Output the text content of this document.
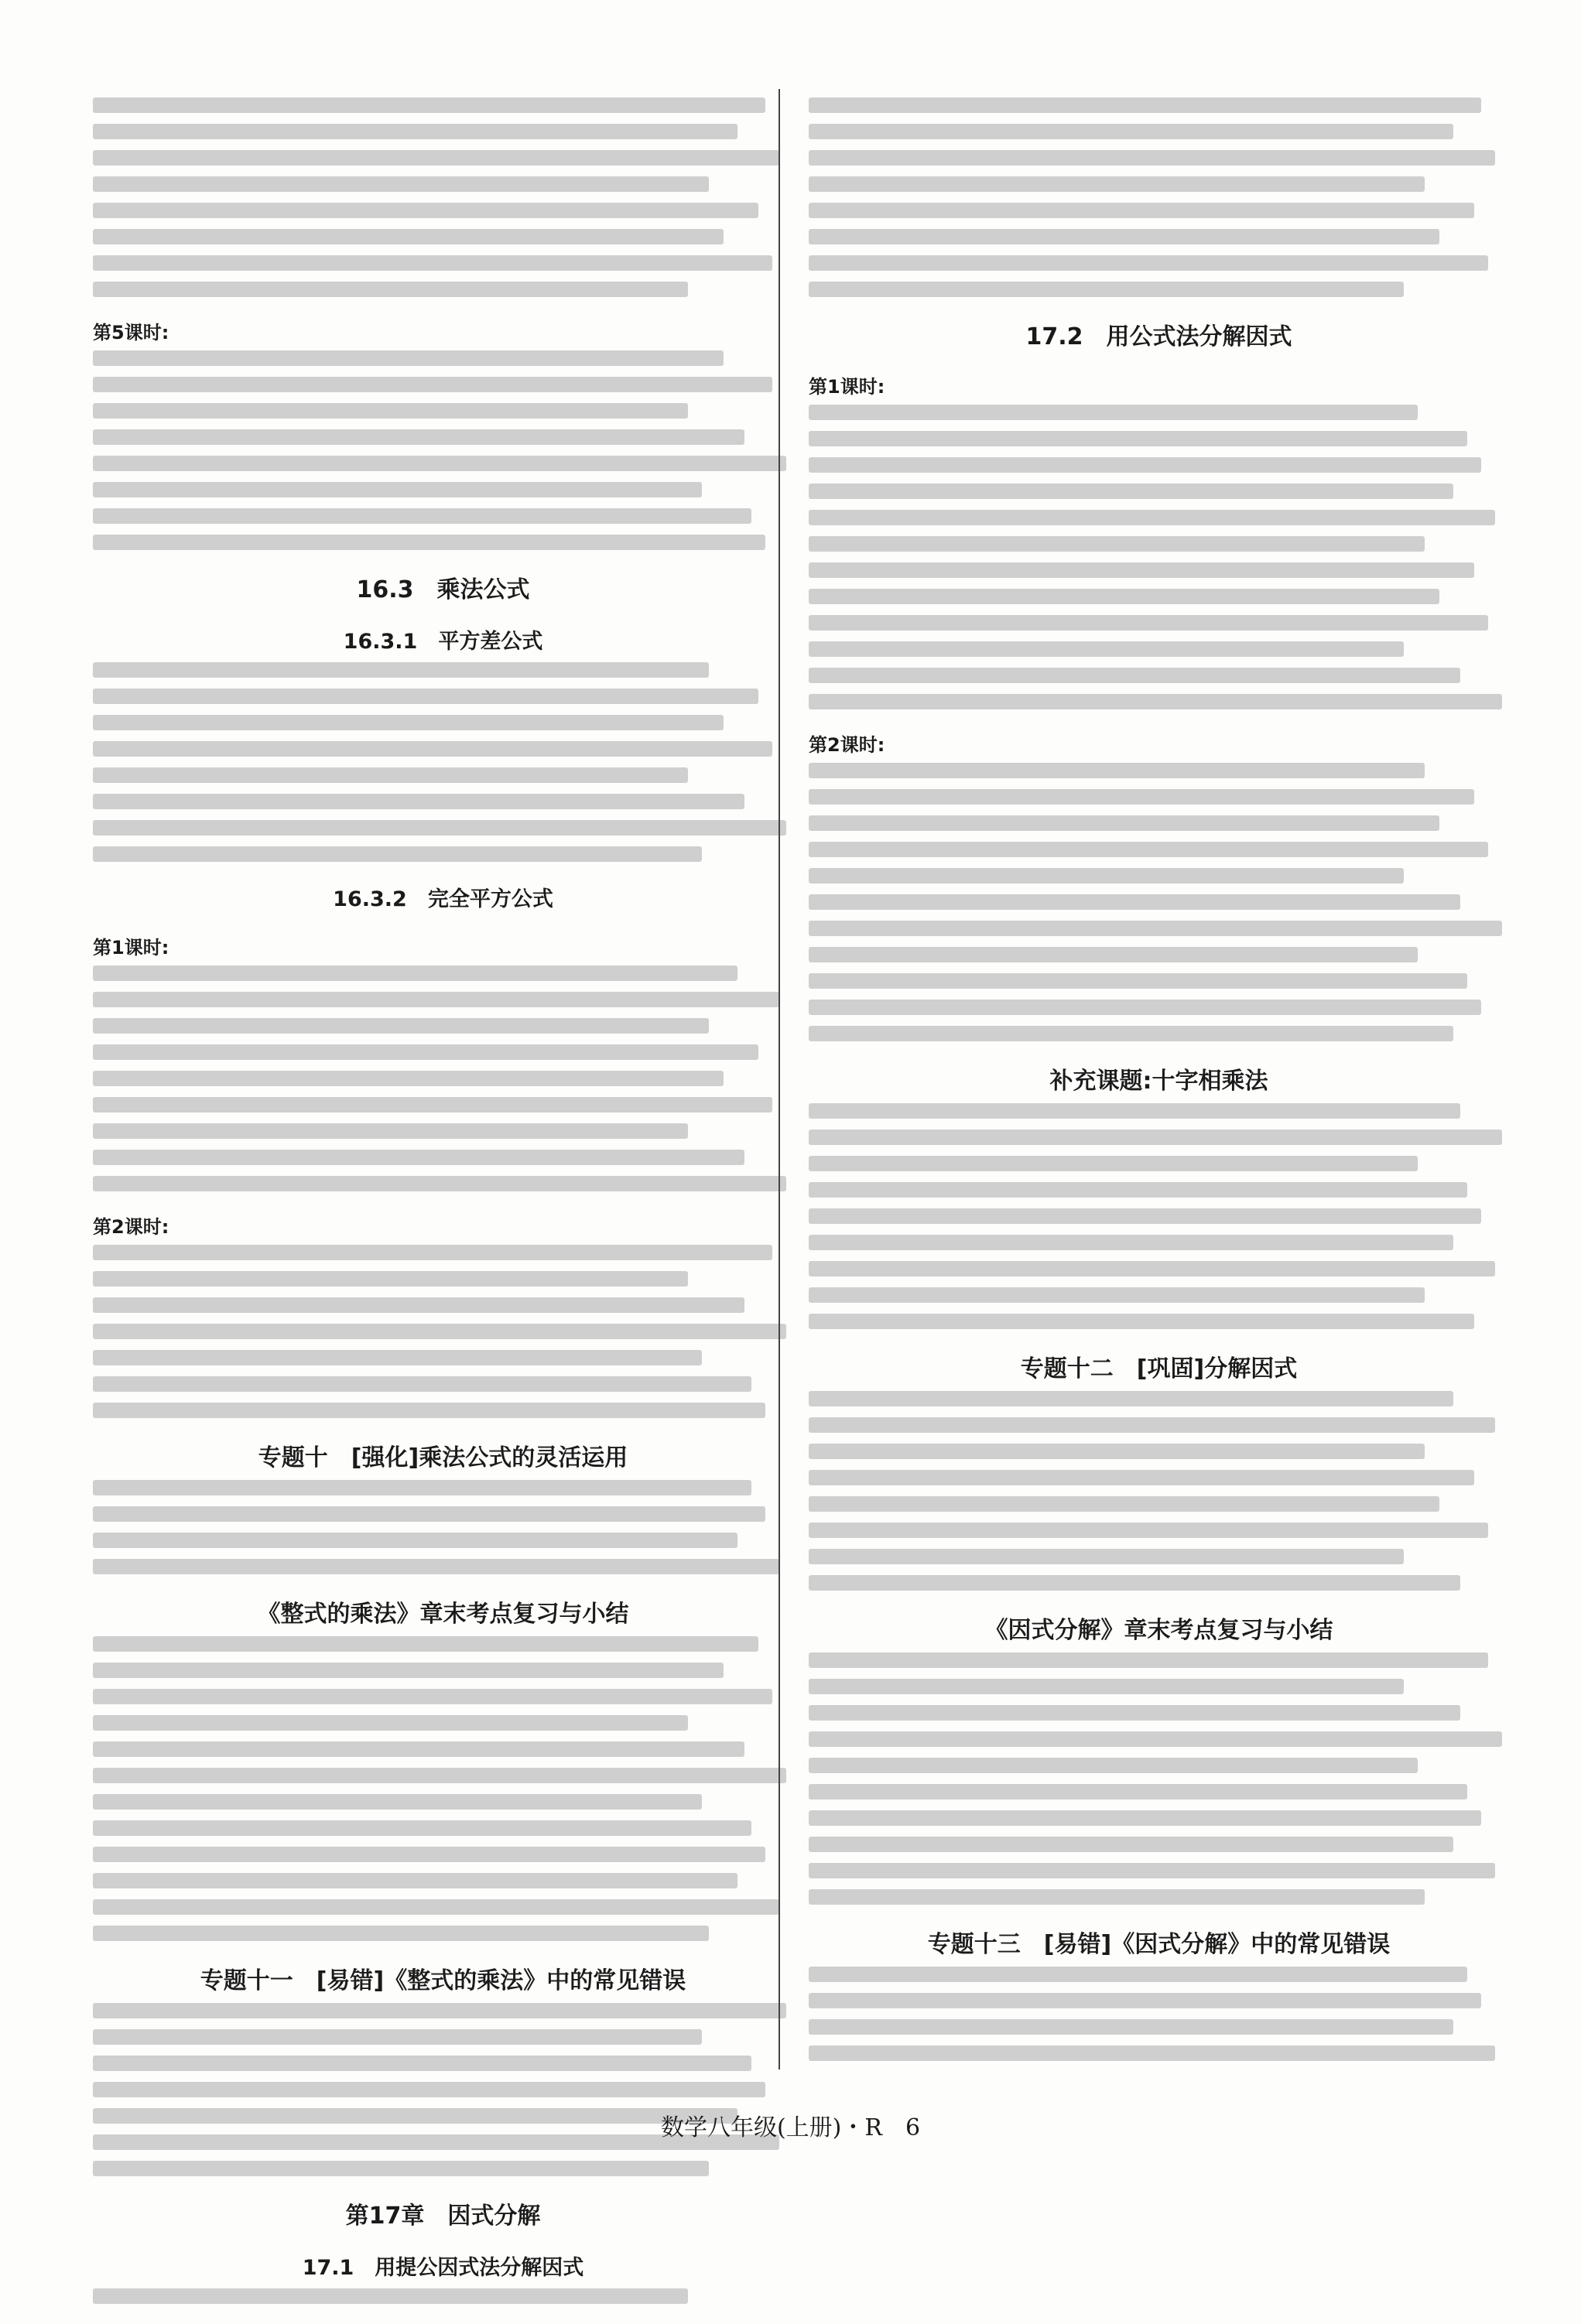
第5课时:
16.3　乘法公式
16.3.1　平方差公式
16.3.2　完全平方公式
第1课时:
第2课时:
专题十　[强化]乘法公式的灵活运用
《整式的乘法》章末考点复习与小结
专题十一　[易错]《整式的乘法》中的常见错误
第17章　因式分解
17.1　用提公因式法分解因式
17.2　用公式法分解因式
第1课时:
第2课时:
补充课题:十字相乘法
专题十二　[巩固]分解因式
《因式分解》章末考点复习与小结
专题十三　[易错]《因式分解》中的常见错误
数学八年级(上册)・R　6
